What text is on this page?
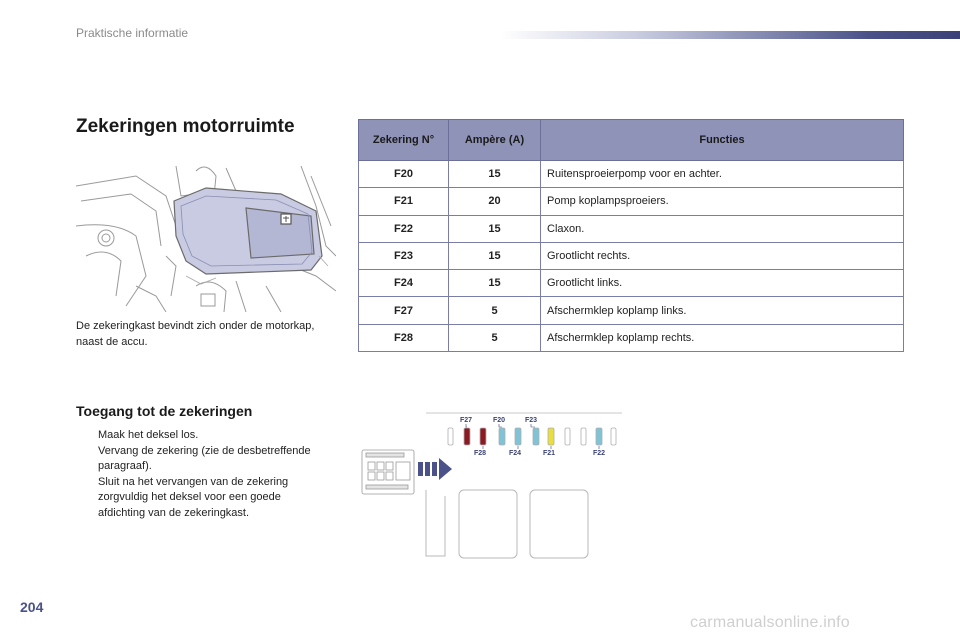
Praktische informatie
Zekeringen motorruimte

De zekeringkast bevindt zich onder de motorkap, naast de accu.

Toegang tot de zekeringen
Maak het deksel los.
Vervang de zekering (zie de desbetreffende paragraaf).
Sluit na het vervangen van de zekering zorgvuldig het deksel voor een goede afdichting van de zekeringkast.
Zekering N°	Ampère (A)	Functies
F20	15	Ruitensproeierpomp voor en achter.
F21	20	Pomp koplampsproeiers.
F22	15	Claxon.
F23	15	Grootlicht rechts.
F24	15	Grootlicht links.
F27	5	Afschermklep koplamp links.
F28	5	Afschermklep koplamp rechts.
F27	F20	F23
F28	F24	F21	F22
204
carmanualsonline.info
